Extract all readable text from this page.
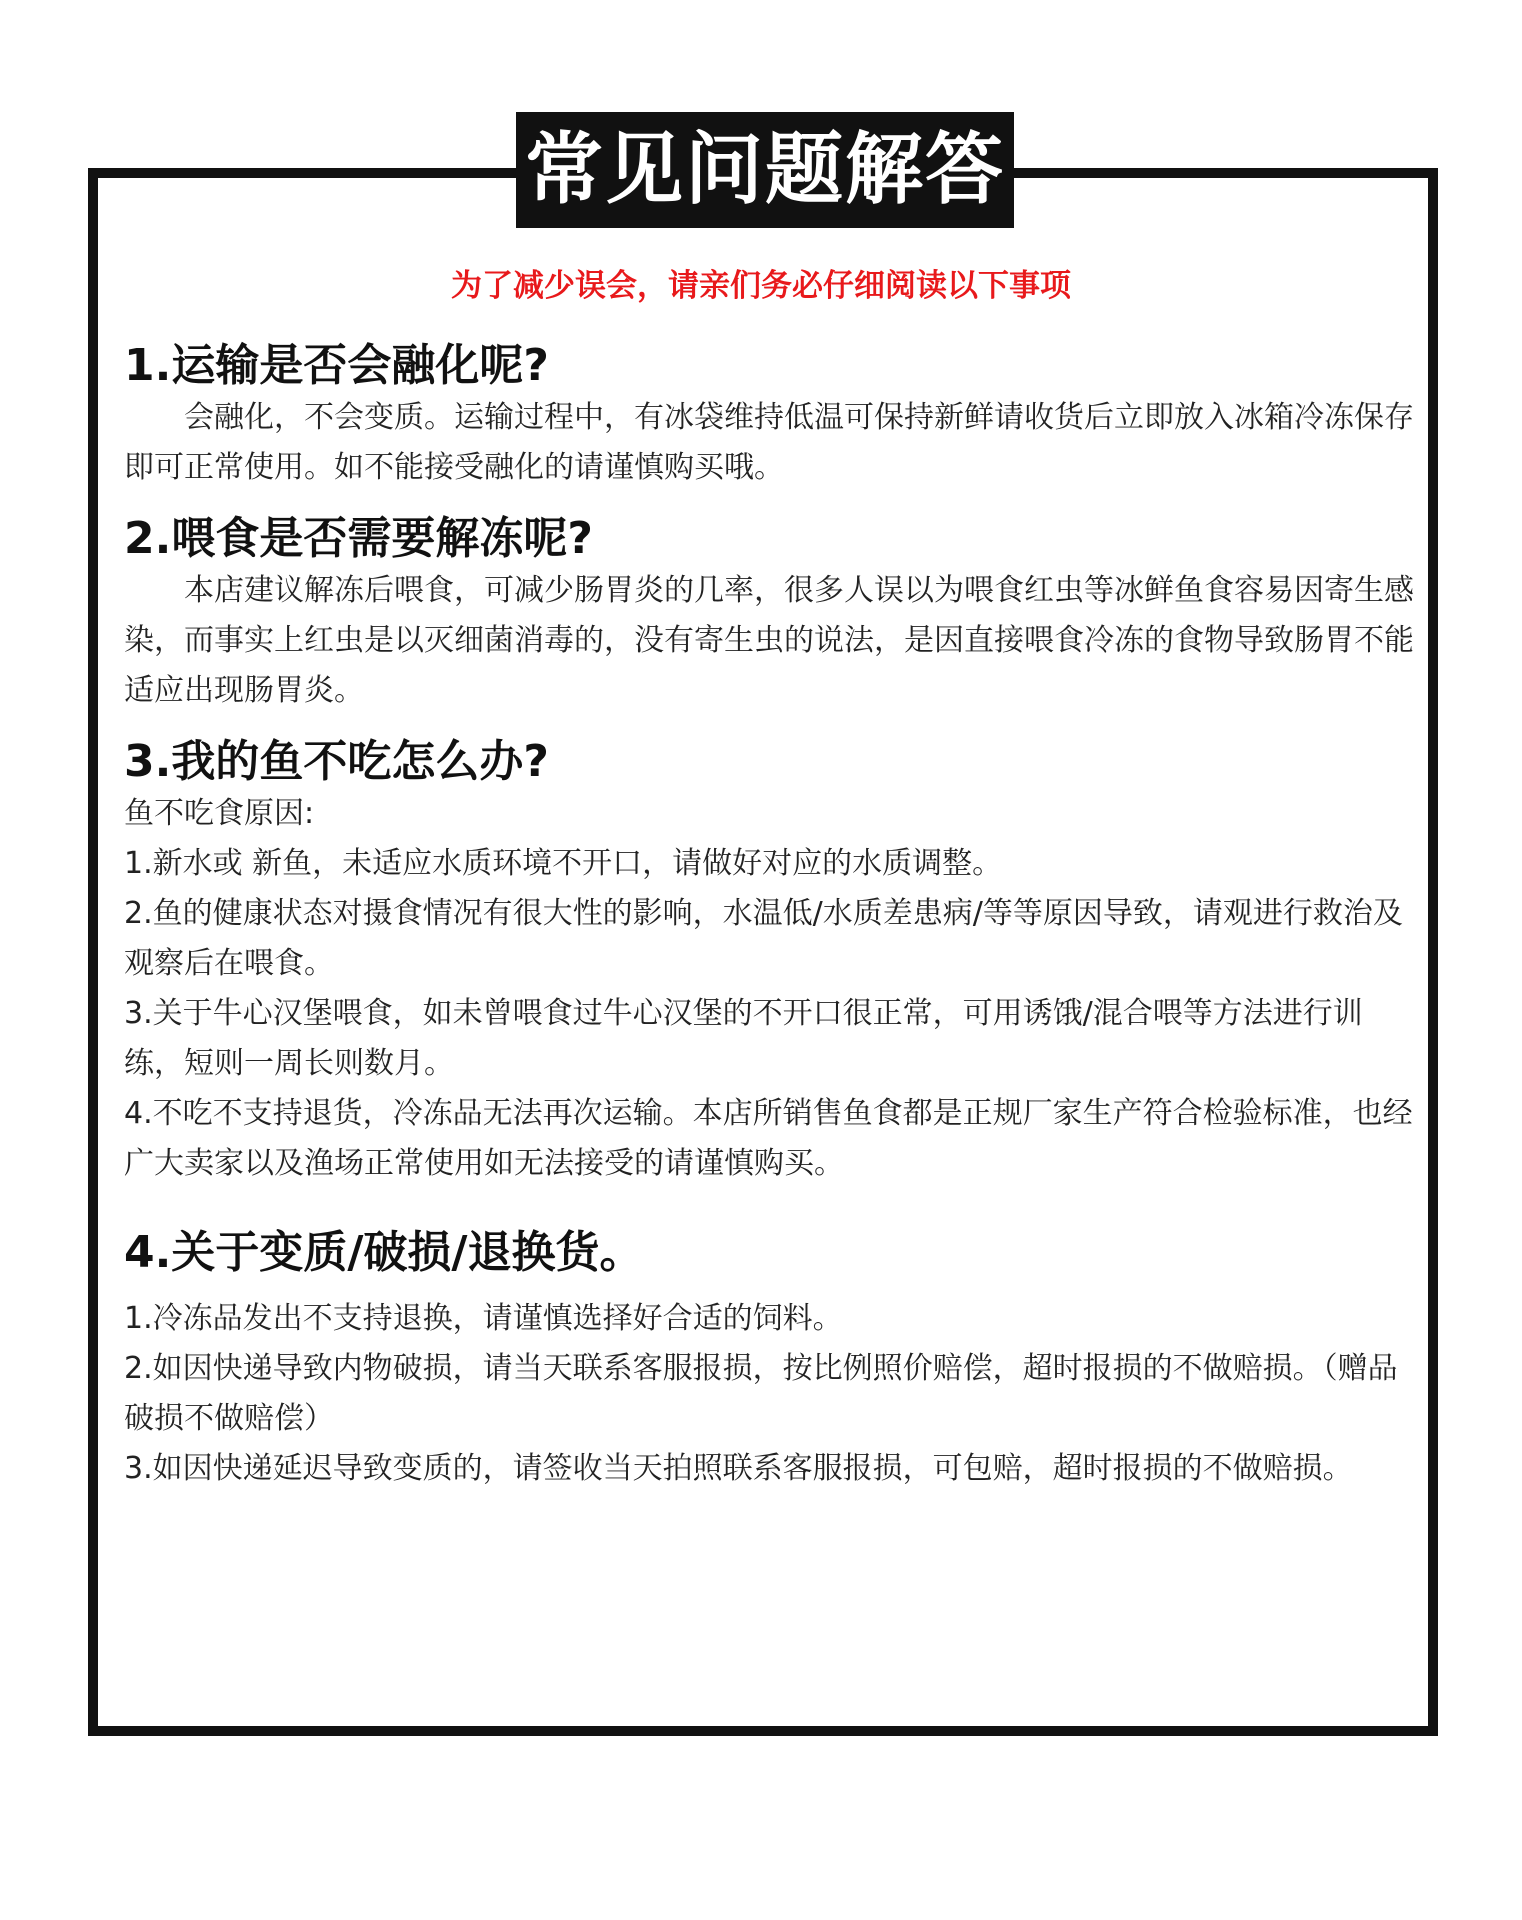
常见问题解答
为了减少误会，请亲们务必仔细阅读以下事项
1.运输是否会融化呢?

会融化，不会变质。运输过程中，有冰袋维持低温可保持新鲜请收货后立即放入冰箱冷冻保存即可正常使用。如不能接受融化的请谨慎购买哦。

2.喂食是否需要解冻呢?

本店建议解冻后喂食，可减少肠胃炎的几率，很多人误以为喂食红虫等冰鲜鱼食容易因寄生感染，而事实上红虫是以灭细菌消毒的，没有寄生虫的说法，是因直接喂食冷冻的食物导致肠胃不能适应出现肠胃炎。

3.我的鱼不吃怎么办?

鱼不吃食原因:

1.新水或 新鱼，未适应水质环境不开口，请做好对应的水质调整。

2.鱼的健康状态对摄食情况有很大性的影响，水温低/水质差患病/等等原因导致，请观进行救治及观察后在喂食。

3.关于牛心汉堡喂食，如未曾喂食过牛心汉堡的不开口很正常，可用诱饿/混合喂等方法进行训练，短则一周长则数月。

4.不吃不支持退货，冷冻品无法再次运输。本店所销售鱼食都是正规厂家生产符合检验标准，也经广大卖家以及渔场正常使用如无法接受的请谨慎购买。

4.关于变质/破损/退换货。

1.冷冻品发出不支持退换，请谨慎选择好合适的饲料。

2.如因快递导致内物破损，请当天联系客服报损，按比例照价赔偿，超时报损的不做赔损。（赠品破损不做赔偿）

3.如因快递延迟导致变质的，请签收当天拍照联系客服报损，可包赔，超时报损的不做赔损。
